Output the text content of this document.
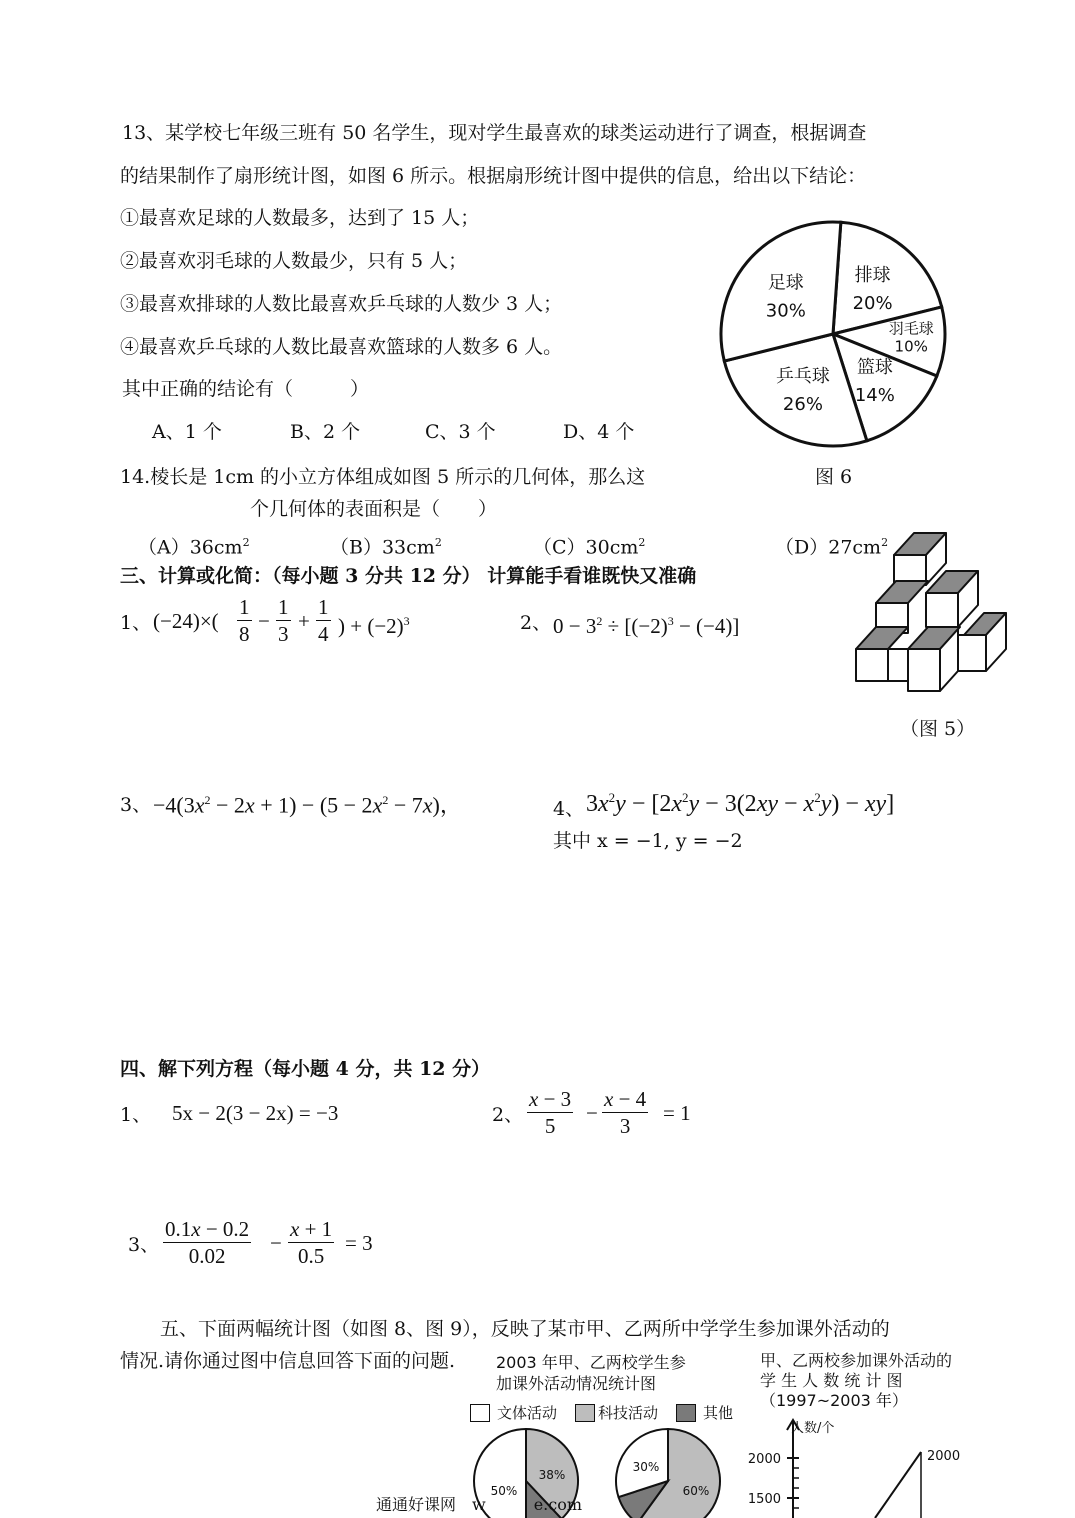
13、某学校七年级三班有 50 名学生，现对学生最喜欢的球类运动进行了调查，根据调查
的结果制作了扇形统计图，如图 6 所示。根据扇形统计图中提供的信息，给出以下结论：
①最喜欢足球的人数最多，达到了 15 人；
②最喜欢羽毛球的人数最少，只有 5 人；
③最喜欢排球的人数比最喜欢乒乓球的人数少 3 人；
④最喜欢乒乓球的人数比最喜欢篮球的人数多 6 人。
其中正确的结论有（　　　）
A、1 个	B、2 个	C、3 个	D、4 个
排球
20%
羽毛球
10%
篮球
14%
乒乓球
26%
足球
30%
图 6
14.棱长是 1cm 的小立方体组成如图 5 所示的几何体，那么这
个几何体的表面积是（　　）
$(A)36cm^2$	$(B)33cm^2$	$(C)30cm^2$	$(D)27cm^2$
（图 5）
三、计算或化简：（每小题 3 分共 12 分） 计算能手看谁既快又准确
1、 $(-24)\times( \frac{1}{8} - \frac{1}{3} + \frac{1}{4}$ ) + $(-2)^3$	2、 $0 - 3^2 \div [(-2)^3 - (-4)]$
3、 $-4(3x^2 - 2x + 1) - (5 - 2x^2 - 7x)$，	4、 $3x^2y - [2x^2y - 3(2xy - x^2y) - xy]$
其中 x = −1, y = −2
四、解下列方程（每小题 4 分，共 12 分）
1、 5x − 2(3 − 2x) = −3	2、 $\frac{x - 3}{5} - \frac{x - 4}{3} = 1$
3、 $\frac{0.1x - 0.2}{0.02} - \frac{x + 1}{0.5} = 3$
五、下面两幅统计图（如图 8、图 9），反映了某市甲、乙两所中学学生参加课外活动的
情况.请你通过图中信息回答下面的问题.	2003 年甲、乙两校学生参
加课外活动情况统计图
文体活动	科技活动	其他
50%
38%
30%
60%
甲、乙两校参加课外活动的
学 生 人 数 统 计 图
（1997~2003 年）
人数/个
2000
1500
2000
通通好课网　w　　　e.com
